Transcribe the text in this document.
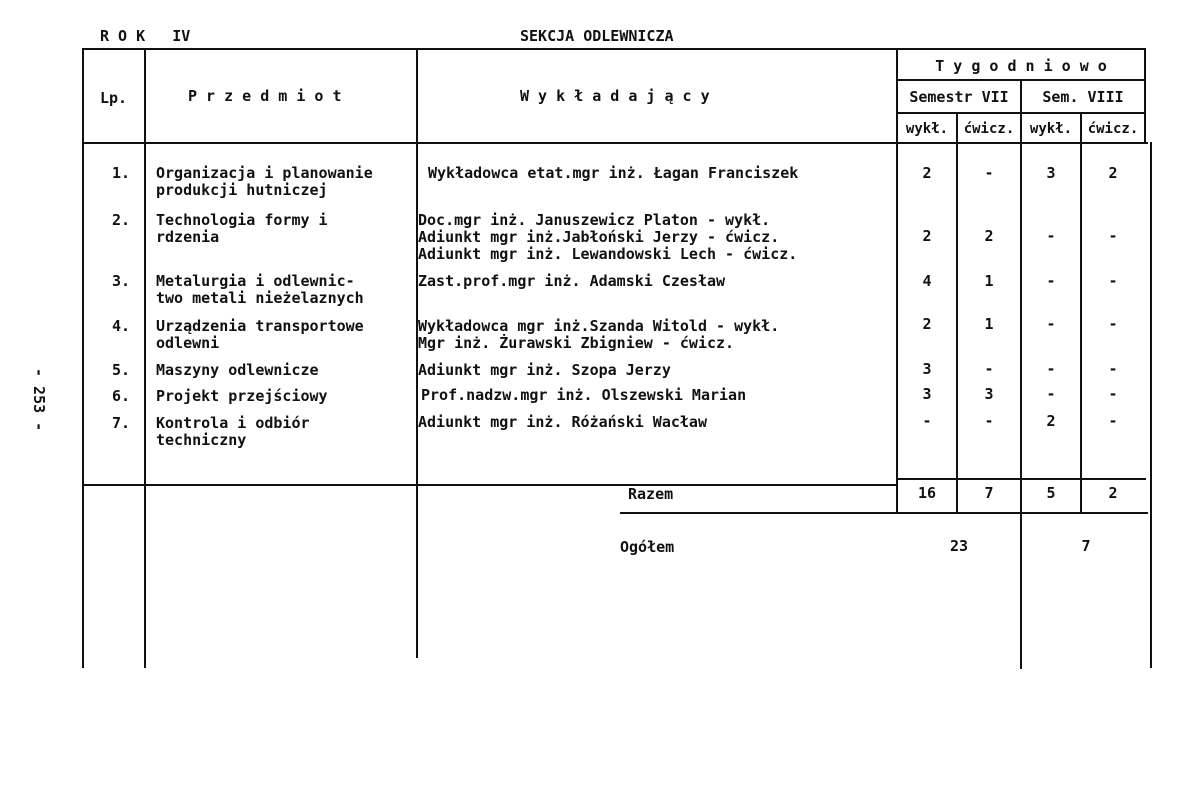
R O K   IV	SEKCJA ODLEWNICZA
- 253 -
Lp.	P r z e d m i o t	W y k ł a d a j ą c y
T y g o d n i o w o
Semestr VII	Sem. VIII
wykł.	ćwicz.	wykł.	ćwicz.
1. Organizacja i planowanie
produkcji hutniczej
Wykładowca etat.mgr inż. Łagan Franciszek	2	-	3	2
2. Technologia formy i
rdzenia
Doc.mgr inż. Januszewicz Platon - wykł.
Adiunkt mgr inż.Jabłoński Jerzy - ćwicz.
Adiunkt mgr inż. Lewandowski Lech - ćwicz.
2	2	-	-
3. Metalurgia i odlewnic-
two metali nieżelaznych
Zast.prof.mgr inż. Adamski Czesław	4	1	-	-
4. Urządzenia transportowe
odlewni
Wykładowca mgr inż.Szanda Witold - wykł.
Mgr inż. Żurawski Zbigniew - ćwicz.
2	1	-	-
5. Maszyny odlewnicze	Adiunkt mgr inż. Szopa Jerzy	3	-	-	-
6. Projekt przejściowy	Prof.nadzw.mgr inż. Olszewski Marian	3	3	-	-
7. Kontrola i odbiór
techniczny
Adiunkt mgr inż. Różański Wacław	-	-	2	-
Razem	16	7	5	2
Ogółem	23	7
